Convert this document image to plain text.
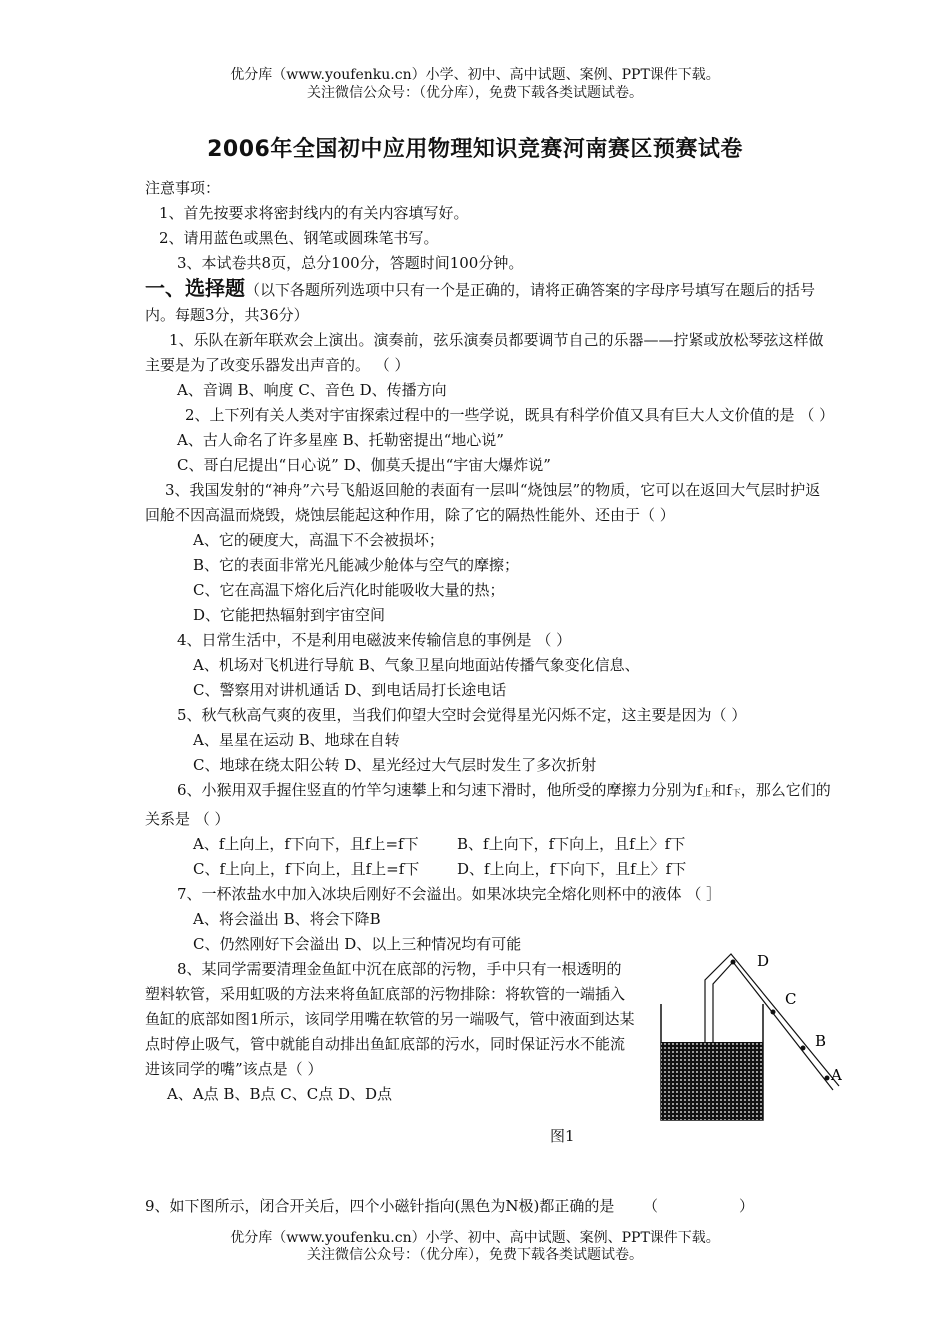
优分库（www.youfenku.cn）小学、初中、高中试题、案例、PPT课件下载。
关注微信公众号：（优分库），免费下载各类试题试卷。
2006年全国初中应用物理知识竞赛河南赛区预赛试卷
注意事项：
1、首先按要求将密封线内的有关内容填写好。
2、请用蓝色或黑色、钢笔或圆珠笔书写。
3、本试卷共8页，总分100分，答题时间100分钟。
一、选择题（以下各题所列选项中只有一个是正确的，请将正确答案的字母序号填写在题后的括号内。每题3分，共36分）
1、乐队在新年联欢会上演出。演奏前，弦乐演奏员都要调节自己的乐器——拧紧或放松琴弦这样做主要是为了改变乐器发出声音的。 （ ）
A、音调 B、响度 C、音色 D、传播方向
2、上下列有关人类对宇宙探索过程中的一些学说，既具有科学价值又具有巨大人文价值的是 （ ）
A、古人命名了许多星座 B、托勒密提出“地心说”
C、哥白尼提出“日心说” D、伽莫夭提出“宇宙大爆炸说”
3、我国发射的“神舟”六号飞船返回舱的表面有一层叫“烧蚀层”的物质，它可以在返回大气层时护返回舱不因高温而烧毁，烧蚀层能起这种作用，除了它的隔热性能外、还由于（ ）
A、它的硬度大，高温下不会被损坏；
B、它的表面非常光凡能减少舱体与空气的摩擦；
C、它在高温下熔化后汽化时能吸收大量的热；
D、它能把热辐射到宇宙空间
4、日常生活中，不是利用电磁波来传输信息的事例是 （ ）
A、机场对飞机进行导航 B、气象卫星向地面站传播气象变化信息、
C、警察用对讲机通话 D、到电话局打长途电话
5、秋气秋高气爽的夜里，当我们仰望大空时会觉得星光闪烁不定，这主要是因为（ ）
A、星星在运动 B、地球在自转
C、地球在绕太阳公转 D、星光经过大气层时发生了多次折射
6、小猴用双手握住竖直的竹竿匀速攀上和匀速下滑时，他所受的摩擦力分别为$f_上$和$f_下$，那么它们的关系是 （ ）
A、f上向上，f下向下，且f上=f下	B、f上向下，f下向上，且f上〉f下
C、f上向上，f下向上，且f上=f下	D、f上向上，f下向下，且f上〉f下
7、一杯浓盐水中加入冰块后刚好不会溢出。如果冰块完全熔化则杯中的液体 （ ］
A、将会溢出 B、将会下降B
C、仍然刚好下会溢出 D、以上三种情况均有可能
8、某同学需要清理金鱼缸中沉在底部的污物，手中只有一根透明的塑料软管，采用虹吸的方法来将鱼缸底部的污物排除：将软管的一端插入鱼缸的底部如图1所示，该同学用嘴在软管的另一端吸气，管中液面到达某点时停止吸气，管中就能自动排出鱼缸底部的污水，同时保证污水不能流进该同学的嘴”该点是（ ）
A、A点 B、B点 C、C点 D、D点
D
C
B
A
图1
9、如下图所示，闭合开关后，四个小磁针指向(黑色为N极)都正确的是      （                 ）
优分库（www.youfenku.cn）小学、初中、高中试题、案例、PPT课件下载。
关注微信公众号：（优分库），免费下载各类试题试卷。
